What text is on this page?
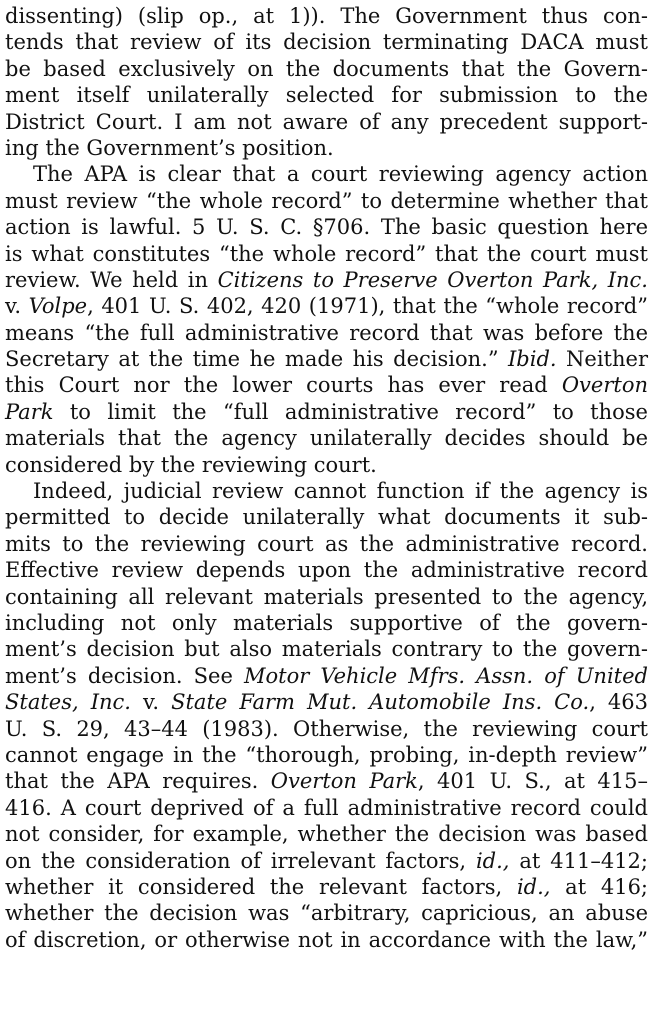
dissenting) (slip op., at 1)). The Government thus con-
tends that review of its decision terminating DACA must
be based exclusively on the documents that the Govern-
ment itself unilaterally selected for submission to the
District Court. I am not aware of any precedent support-
ing the Government’s position.
The APA is clear that a court reviewing agency action
must review “the whole record” to determine whether that
action is lawful. 5 U. S. C. §706. The basic question here
is what constitutes “the whole record” that the court must
review. We held in Citizens to Preserve Overton Park, Inc.
v. Volpe, 401 U. S. 402, 420 (1971), that the “whole record”
means “the full administrative record that was before the
Secretary at the time he made his decision.” Ibid. Neither
this Court nor the lower courts has ever read Overton
Park to limit the “full administrative record” to those
materials that the agency unilaterally decides should be
considered by the reviewing court.
Indeed, judicial review cannot function if the agency is
permitted to decide unilaterally what documents it sub-
mits to the reviewing court as the administrative record.
Effective review depends upon the administrative record
containing all relevant materials presented to the agency,
including not only materials supportive of the govern-
ment’s decision but also materials contrary to the govern-
ment’s decision. See Motor Vehicle Mfrs. Assn. of United
States, Inc. v. State Farm Mut. Automobile Ins. Co., 463
U. S. 29, 43–44 (1983). Otherwise, the reviewing court
cannot engage in the “thorough, probing, in-depth review”
that the APA requires. Overton Park, 401 U. S., at 415–
416. A court deprived of a full administrative record could
not consider, for example, whether the decision was based
on the consideration of irrelevant factors, id., at 411–412;
whether it considered the relevant factors, id., at 416;
whether the decision was “arbitrary, capricious, an abuse
of discretion, or otherwise not in accordance with the law,”
